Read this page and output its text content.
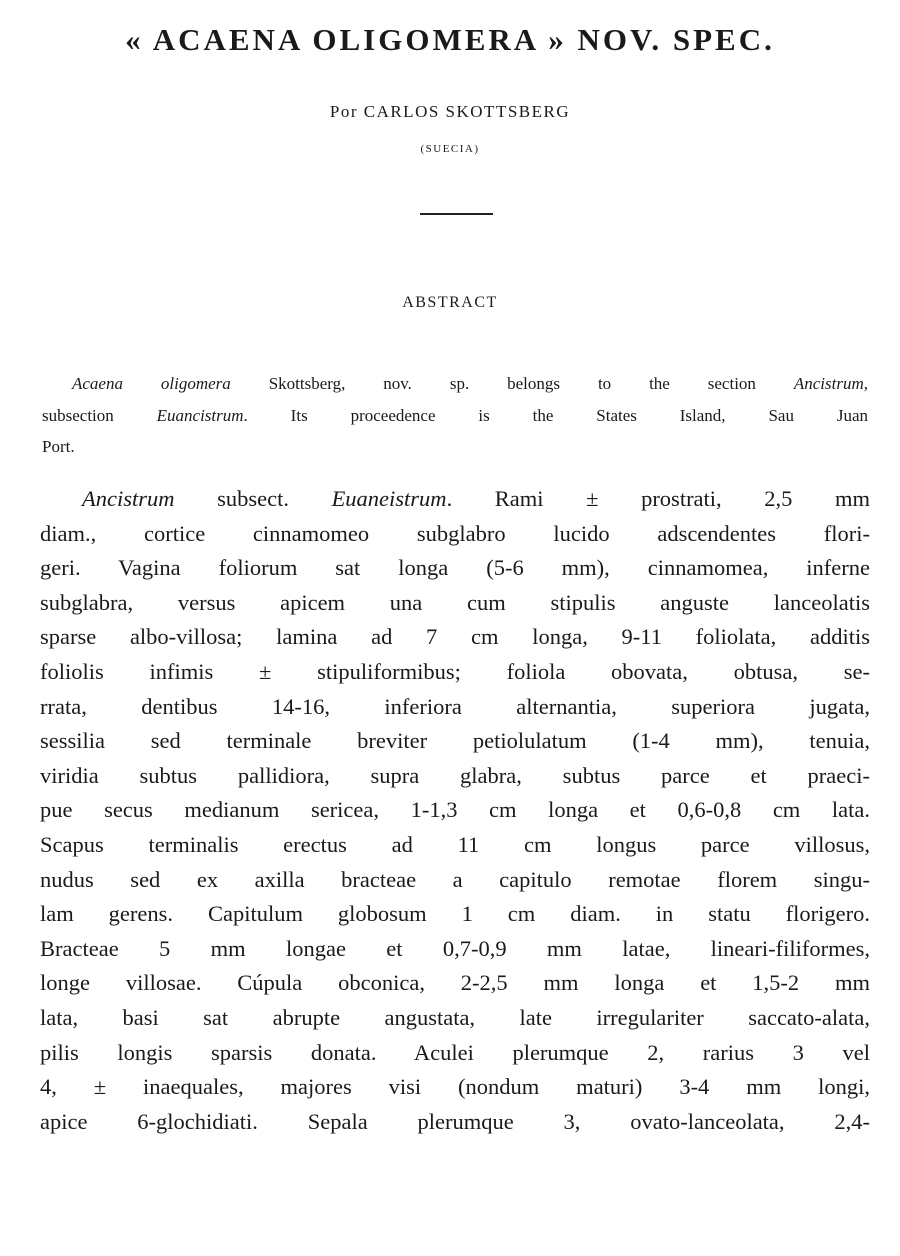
« ACAENA OLIGOMERA » NOV. SPEC.
Por CARLOS SKOTTSBERG
(SUECIA)
ABSTRACT
Acaena oligomera Skottsberg, nov. sp. belongs to the section Ancistrum,
subsection Euancistrum. Its proceedence is the States Island, Sau Juan
Port.
Ancistrum subsect. Euaneistrum. Rami ± prostrati, 2,5 mm
diam., cortice cinnamomeo subglabro lucido adscendentes flori-
geri. Vagina foliorum sat longa (5-6 mm), cinnamomea, inferne
subglabra, versus apicem una cum stipulis anguste lanceolatis
sparse albo-villosa; lamina ad 7 cm longa, 9-11 foliolata, additis
foliolis infimis ± stipuliformibus; foliola obovata, obtusa, se-
rrata, dentibus 14-16, inferiora alternantia, superiora jugata,
sessilia sed terminale breviter petiolulatum (1-4 mm), tenuia,
viridia subtus pallidiora, supra glabra, subtus parce et praeci-
pue secus medianum sericea, 1-1,3 cm longa et 0,6-0,8 cm lata.
Scapus terminalis erectus ad 11 cm longus parce villosus,
nudus sed ex axilla bracteae a capitulo remotae florem singu-
lam gerens. Capitulum globosum 1 cm diam. in statu florigero.
Bracteae 5 mm longae et 0,7-0,9 mm latae, lineari-filiformes,
longe villosae. Cúpula obconica, 2-2,5 mm longa et 1,5-2 mm
lata, basi sat abrupte angustata, late irregulariter saccato-alata,
pilis longis sparsis donata. Aculei plerumque 2, rarius 3 vel
4, ± inaequales, majores visi (nondum maturi) 3-4 mm longi,
apice 6-glochidiati. Sepala plerumque 3, ovato-lanceolata, 2,4-
